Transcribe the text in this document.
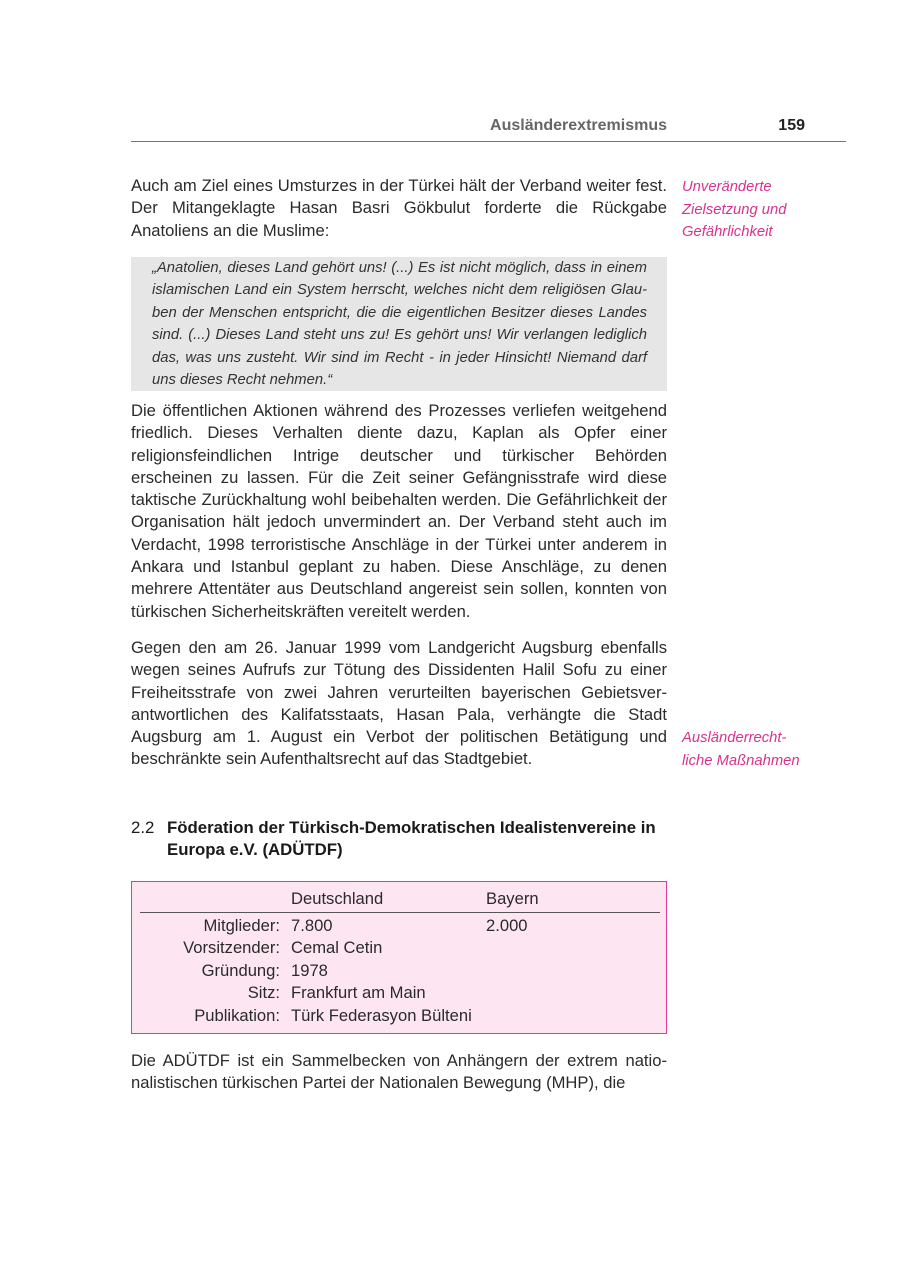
Ausländerextremismus	159

Auch am Ziel eines Umsturzes in der Türkei hält der Verband weiter fest. Der Mitangeklagte Hasan Basri Gökbulut forderte die Rückgabe Anatoliens an die Muslime:

„Anatolien, dieses Land gehört uns! (...) Es ist nicht möglich, dass in einem islamischen Land ein System herrscht, welches nicht dem religiösen Glauben der Menschen entspricht, die die eigentlichen Besitzer dieses Landes sind. (...) Dieses Land steht uns zu! Es gehört uns! Wir verlangen lediglich das, was uns zusteht. Wir sind im Recht - in jeder Hinsicht! Niemand darf uns dieses Recht nehmen.“

Unveränderte
Zielsetzung und
Gefährlichkeit

Die öffentlichen Aktionen während des Prozesses verliefen weitgehend friedlich. Dieses Verhalten diente dazu, Kaplan als Opfer einer religionsfeindlichen Intrige deutscher und türkischer Behörden erscheinen zu lassen. Für die Zeit seiner Gefängnisstrafe wird diese taktische Zurückhaltung wohl beibehalten werden. Die Gefährlichkeit der Organisation hält jedoch unvermindert an. Der Verband steht auch im Verdacht, 1998 terroristische Anschläge in der Türkei unter anderem in Ankara und Istanbul geplant zu haben. Diese Anschläge, zu denen mehrere Attentäter aus Deutschland angereist sein sollen, konnten von türkischen Sicherheitskräften vereitelt werden.

Gegen den am 26. Januar 1999 vom Landgericht Augsburg ebenfalls wegen seines Aufrufs zur Tötung des Dissidenten Halil Sofu zu einer Freiheitsstrafe von zwei Jahren verurteilten bayerischen Gebietsverantwortlichen des Kalifatsstaats, Hasan Pala, verhängte die Stadt Augsburg am 1. August ein Verbot der politischen Betätigung und beschränkte sein Aufenthaltsrecht auf das Stadtgebiet.

Ausländerrecht-
liche Maßnahmen
2.2 Föderation der Türkisch-Demokratischen Idealistenvereine in Europa e.V. (ADÜTDF)
Deutschland	Bayern
Mitglieder: 7.800	2.000
Vorsitzender: Cemal Cetin
Gründung: 1978
Sitz: Frankfurt am Main
Publikation: Türk Federasyon Bülteni

Die ADÜTDF ist ein Sammelbecken von Anhängern der extrem nationalistischen türkischen Partei der Nationalen Bewegung (MHP), die
